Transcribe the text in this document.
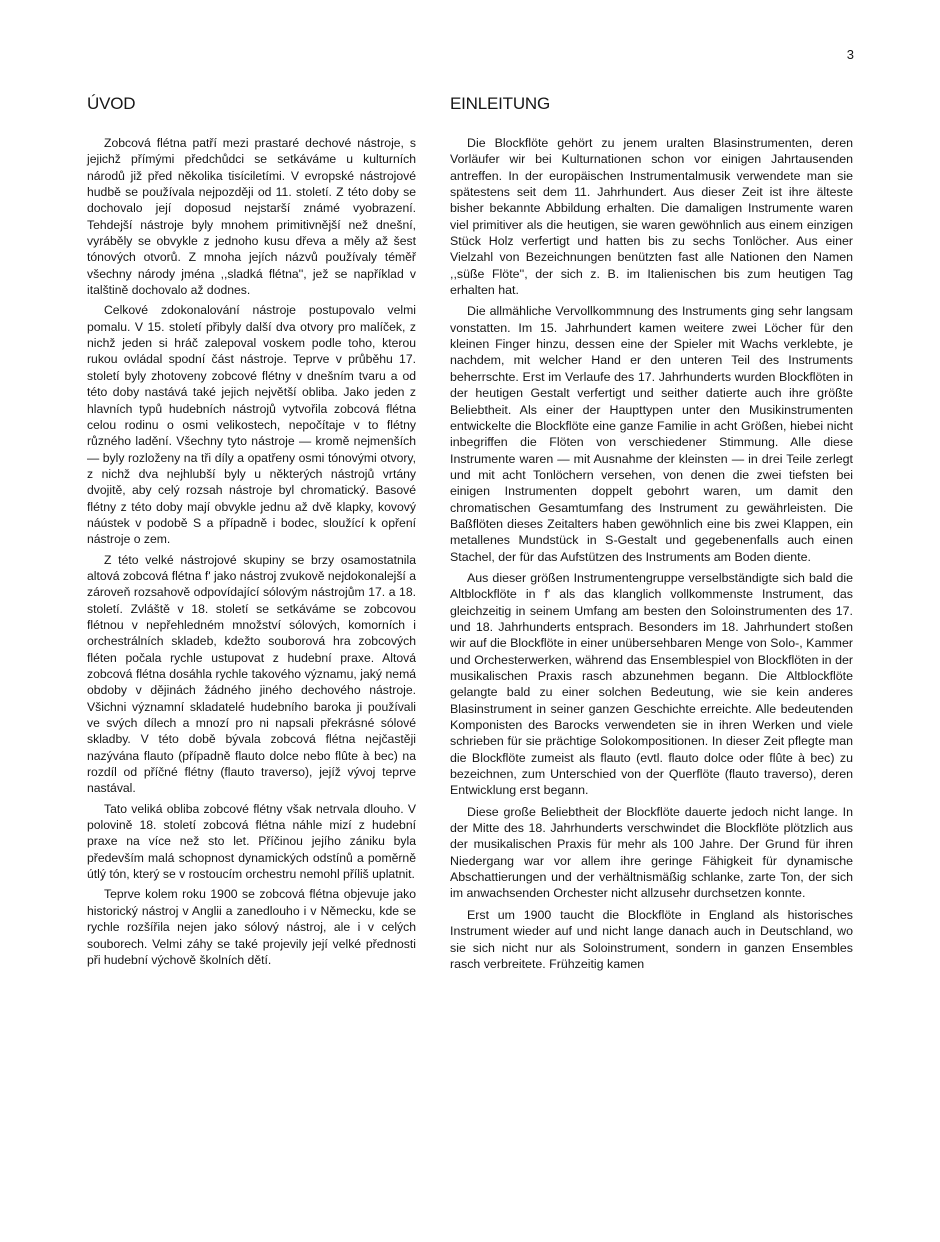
3
ÚVOD

Zobcová flétna patří mezi prastaré dechové nástroje, s jejichž přímými předchůdci se setkáváme u kulturních národů již před několika tisíciletími. V evropské nástrojové hudbě se používala nejpozději od 11. století. Z této doby se dochovalo její doposud nejstarší známé vyobrazení. Tehdejší nástroje byly mnohem primitivnější než dnešní, vyráběly se obvykle z jednoho kusu dřeva a měly až šest tónových otvorů. Z mnoha jejích názvů používaly téměř všechny národy jména ,,sladká flétna'', jež se například v italštině dochovalo až dodnes.

Celkové zdokonalování nástroje postupovalo velmi pomalu. V 15. století přibyly další dva otvory pro malíček, z nichž jeden si hráč zalepoval voskem podle toho, kterou rukou ovládal spodní část nástroje. Teprve v průběhu 17. století byly zhotoveny zobcové flétny v dnešním tvaru a od této doby nastává také jejich největší obliba. Jako jeden z hlavních typů hudebních nástrojů vytvořila zobcová flétna celou rodinu o osmi velikostech, nepočítaje v to flétny různého ladění. Všechny tyto nástroje — kromě nejmenších — byly rozloženy na tři díly a opatřeny osmi tónovými otvory, z nichž dva nejhlubší byly u některých nástrojů vrtány dvojitě, aby celý rozsah nástroje byl chromatický. Basové flétny z této doby mají obvykle jednu až dvě klapky, kovový náústek v podobě S a případně i bodec, sloužící k opření nástroje o zem.

Z této velké nástrojové skupiny se brzy osamostatnila altová zobcová flétna f' jako nástroj zvukově nejdokonalejší a zároveň rozsahově odpovídající sólovým nástrojům 17. a 18. století. Zvláště v 18. století se setkáváme se zobcovou flétnou v nepřehledném množství sólových, komorních i orchestrálních skladeb, kdežto souborová hra zobcových fléten počala rychle ustupovat z hudební praxe. Altová zobcová flétna dosáhla rychle takového významu, jaký nemá obdoby v dějinách žádného jiného dechového nástroje. Všichni významní skladatelé hudebního baroka ji používali ve svých dílech a mnozí pro ni napsali překrásné sólové skladby. V této době bývala zobcová flétna nejčastěji nazývána flauto (případně flauto dolce nebo flûte à bec) na rozdíl od příčné flétny (flauto traverso), jejíž vývoj teprve nastával.

Tato veliká obliba zobcové flétny však netrvala dlouho. V polovině 18. století zobcová flétna náhle mizí z hudební praxe na více než sto let. Příčinou jejího zániku byla především malá schopnost dynamických odstínů a poměrně útlý tón, který se v rostoucím orchestru nemohl příliš uplatnit.

Teprve kolem roku 1900 se zobcová flétna objevuje jako historický nástroj v Anglii a zanedlouho i v Německu, kde se rychle rozšířila nejen jako sólový nástroj, ale i v celých souborech. Velmi záhy se také projevily její velké přednosti při hudební výchově školních dětí.

EINLEITUNG

Die Blockflöte gehört zu jenem uralten Blasinstrumenten, deren Vorläufer wir bei Kulturnationen schon vor einigen Jahrtausenden antreffen. In der europäischen Instrumentalmusik verwendete man sie spätestens seit dem 11. Jahrhundert. Aus dieser Zeit ist ihre älteste bisher bekannte Abbildung erhalten. Die damaligen Instrumente waren viel primitiver als die heutigen, sie waren gewöhnlich aus einem einzigen Stück Holz verfertigt und hatten bis zu sechs Tonlöcher. Aus einer Vielzahl von Bezeichnungen benützten fast alle Nationen den Namen ,,süße Flöte'', der sich z. B. im Italienischen bis zum heutigen Tag erhalten hat.

Die allmähliche Vervollkommnung des Instruments ging sehr langsam vonstatten. Im 15. Jahrhundert kamen weitere zwei Löcher für den kleinen Finger hinzu, dessen eine der Spieler mit Wachs verklebte, je nachdem, mit welcher Hand er den unteren Teil des Instruments beherrschte. Erst im Verlaufe des 17. Jahrhunderts wurden Blockflöten in der heutigen Gestalt verfertigt und seither datierte auch ihre größte Beliebtheit. Als einer der Haupttypen unter den Musikinstrumenten entwickelte die Blockflöte eine ganze Familie in acht Größen, hiebei nicht inbegriffen die Flöten von verschiedener Stimmung. Alle diese Instrumente waren — mit Ausnahme der kleinsten — in drei Teile zerlegt und mit acht Tonlöchern versehen, von denen die zwei tiefsten bei einigen Instrumenten doppelt gebohrt waren, um damit den chromatischen Gesamtumfang des Instrument zu gewährleisten. Die Baßflöten dieses Zeitalters haben gewöhnlich eine bis zwei Klappen, ein metallenes Mundstück in S-Gestalt und gegebenenfalls auch einen Stachel, der für das Aufstützen des Instruments am Boden diente.

Aus dieser größen Instrumentengruppe verselbständigte sich bald die Altblockflöte in f' als das klanglich vollkommenste Instrument, das gleichzeitig in seinem Umfang am besten den Soloinstrumenten des 17. und 18. Jahrhunderts entsprach. Besonders im 18. Jahrhundert stoßen wir auf die Blockflöte in einer unübersehbaren Menge von Solo-, Kammer und Orchesterwerken, während das Ensemblespiel von Blockflöten in der musikalischen Praxis rasch abzunehmen begann. Die Altblockflöte gelangte bald zu einer solchen Bedeutung, wie sie kein anderes Blasinstrument in seiner ganzen Geschichte erreichte. Alle bedeutenden Komponisten des Barocks verwendeten sie in ihren Werken und viele schrieben für sie prächtige Solokompositionen. In dieser Zeit pflegte man die Blockflöte zumeist als flauto (evtl. flauto dolce oder flûte à bec) zu bezeichnen, zum Unterschied von der Querflöte (flauto traverso), deren Entwicklung erst begann.

Diese große Beliebtheit der Blockflöte dauerte jedoch nicht lange. In der Mitte des 18. Jahrhunderts verschwindet die Blockflöte plötzlich aus der musikalischen Praxis für mehr als 100 Jahre. Der Grund für ihren Niedergang war vor allem ihre geringe Fähigkeit für dynamische Abschattierungen und der verhältnismäßig schlanke, zarte Ton, der sich im anwachsenden Orchester nicht allzusehr durchsetzen konnte.

Erst um 1900 taucht die Blockflöte in England als historisches Instrument wieder auf und nicht lange danach auch in Deutschland, wo sie sich nicht nur als Soloinstrument, sondern in ganzen Ensembles rasch verbreitete. Frühzeitig kamen
